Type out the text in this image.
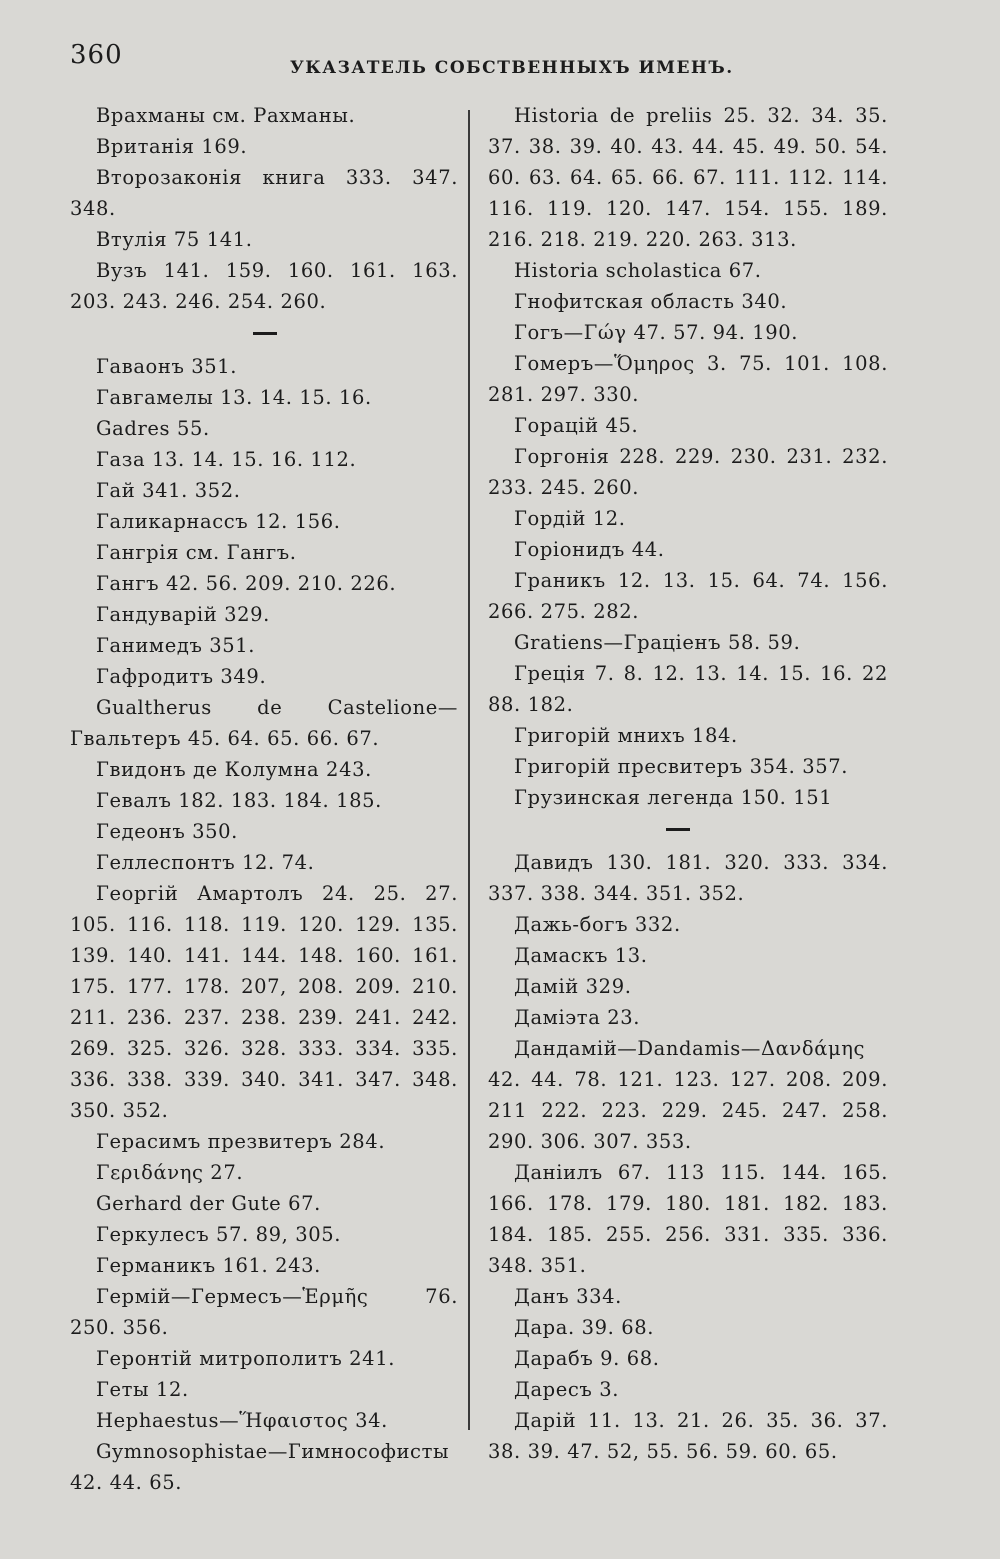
360	УКАЗАТЕЛЬ СОБСТВЕННЫХЪ ИМЕНЪ.

Врахманы см. Рахманы.

Вританія 169.

Второзаконія книга 333. 347. 348.

Втулія 75 141.

Вузъ 141. 159. 160. 161. 163. 203. 243. 246. 254. 260.

Гаваонъ 351.

Гавгамелы 13. 14. 15. 16.

Gadres 55.

Газа 13. 14. 15. 16. 112.

Гай 341. 352.

Галикарнассъ 12. 156.

Гангрія см. Гангъ.

Гангъ 42. 56. 209. 210. 226.

Гандуварій 329.

Ганимедъ 351.

Гафродитъ 349.

Gualtherus de Castelione—Гвальтеръ 45. 64. 65. 66. 67.

Гвидонъ де Колумна 243.

Гевалъ 182. 183. 184. 185.

Гедеонъ 350.

Геллеспонтъ 12. 74.

Георгій Амартолъ 24. 25. 27. 105. 116. 118. 119. 120. 129. 135. 139. 140. 141. 144. 148. 160. 161. 175. 177. 178. 207, 208. 209. 210. 211. 236. 237. 238. 239. 241. 242. 269. 325. 326. 328. 333. 334. 335. 336. 338. 339. 340. 341. 347. 348. 350. 352.

Герасимъ презвитеръ 284.

Γεριδάνης 27.

Gerhard der Gute 67.

Геркулесъ 57. 89, 305.

Германикъ 161. 243.

Гермій—Гермесъ—Ἑρμῆς 76. 250. 356.

Геронтій митрополитъ 241.

Геты 12.

Hephaestus—Ἥφαιστος 34.

Gymnosophistae—Гимнософисты 42. 44. 65.

Historia de preliis 25. 32. 34. 35. 37. 38. 39. 40. 43. 44. 45. 49. 50. 54. 60. 63. 64. 65. 66. 67. 111. 112. 114. 116. 119. 120. 147. 154. 155. 189. 216. 218. 219. 220. 263. 313.

Historia scholastica 67.

Гнофитская область 340.

Гогъ—Γώγ 47. 57. 94. 190.

Гомеръ—Ὅμηρος 3. 75. 101. 108. 281. 297. 330.

Горацій 45.

Горгонія 228. 229. 230. 231. 232. 233. 245. 260.

Гордій 12.

Горіонидъ 44.

Граникъ 12. 13. 15. 64. 74. 156. 266. 275. 282.

Gratiens—Граціенъ 58. 59.

Греція 7. 8. 12. 13. 14. 15. 16. 22 88. 182.

Григорій мнихъ 184.

Григорій пресвитеръ 354. 357.

Грузинская легенда 150. 151

Давидъ 130. 181. 320. 333. 334. 337. 338. 344. 351. 352.

Дажь-богъ 332.

Дамаскъ 13.

Дамій 329.

Даміэта 23.

Дандамій—Dandamis—Δανδάμης 42. 44. 78. 121. 123. 127. 208. 209. 211 222. 223. 229. 245. 247. 258. 290. 306. 307. 353.

Даніилъ 67. 113 115. 144. 165. 166. 178. 179. 180. 181. 182. 183. 184. 185. 255. 256. 331. 335. 336. 348. 351.

Данъ 334.

Дара. 39. 68.

Дарабъ 9. 68.

Даресъ 3.

Дарій 11. 13. 21. 26. 35. 36. 37. 38. 39. 47. 52, 55. 56. 59. 60. 65.
